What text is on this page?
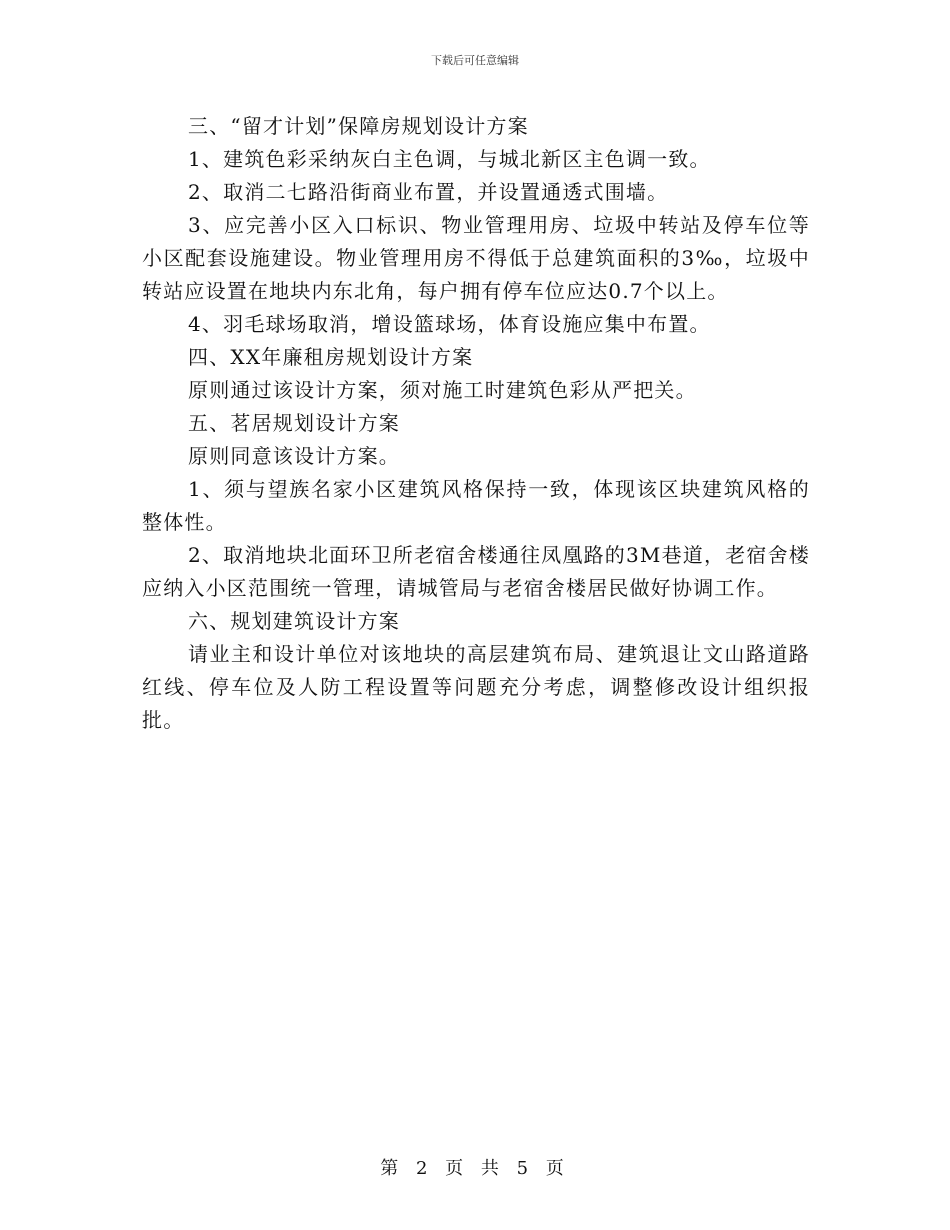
下载后可任意编辑

三、“留才计划”保障房规划设计方案

1、建筑色彩采纳灰白主色调，与城北新区主色调一致。

2、取消二七路沿街商业布置，并设置通透式围墙。

3、应完善小区入口标识、物业管理用房、垃圾中转站及停车位等小区配套设施建设。物业管理用房不得低于总建筑面积的3‰，垃圾中转站应设置在地块内东北角，每户拥有停车位应达0.7个以上。

4、羽毛球场取消，增设篮球场，体育设施应集中布置。

四、XX年廉租房规划设计方案

原则通过该设计方案，须对施工时建筑色彩从严把关。

五、茗居规划设计方案

原则同意该设计方案。

1、须与望族名家小区建筑风格保持一致，体现该区块建筑风格的整体性。

2、取消地块北面环卫所老宿舍楼通往凤凰路的3M巷道，老宿舍楼应纳入小区范围统一管理，请城管局与老宿舍楼居民做好协调工作。

六、规划建筑设计方案

请业主和设计单位对该地块的高层建筑布局、建筑退让文山路道路红线、停车位及人防工程设置等问题充分考虑，调整修改设计组织报批。

第 2 页 共 5 页
